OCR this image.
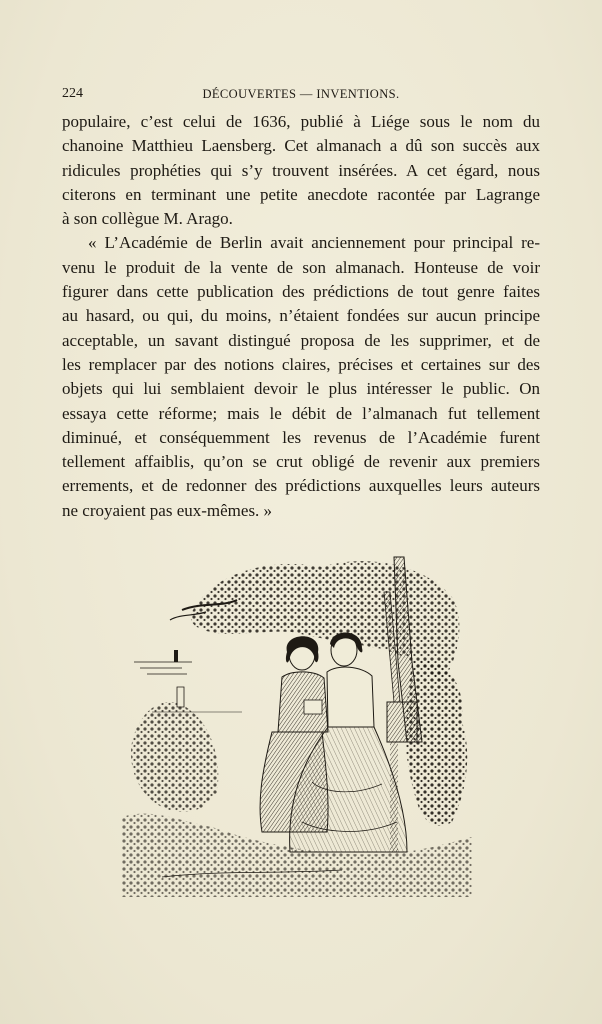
224	DÉCOUVERTES — INVENTIONS.
populaire, c’est celui de 1636, publié à Liége sous le nom du
chanoine Matthieu Laensberg. Cet almanach a dû son succès aux
ridicules prophéties qui s’y trouvent insérées. A cet égard, nous
citerons en terminant une petite anecdote racontée par Lagrange
à son collègue M. Arago.
« L’Académie de Berlin avait anciennement pour principal re-
venu le produit de la vente de son almanach. Honteuse de voir
figurer dans cette publication des prédictions de tout genre faites
au hasard, ou qui, du moins, n’étaient fondées sur aucun principe
acceptable, un savant distingué proposa de les supprimer, et de
les remplacer par des notions claires, précises et certaines sur des
objets qui lui semblaient devoir le plus intéresser le public. On
essaya cette réforme; mais le débit de l’almanach fut tellement
diminué, et conséquemment les revenus de l’Académie furent
tellement affaiblis, qu’on se crut obligé de revenir aux premiers
errements, et de redonner des prédictions auxquelles leurs auteurs
ne croyaient pas eux-mêmes. »
